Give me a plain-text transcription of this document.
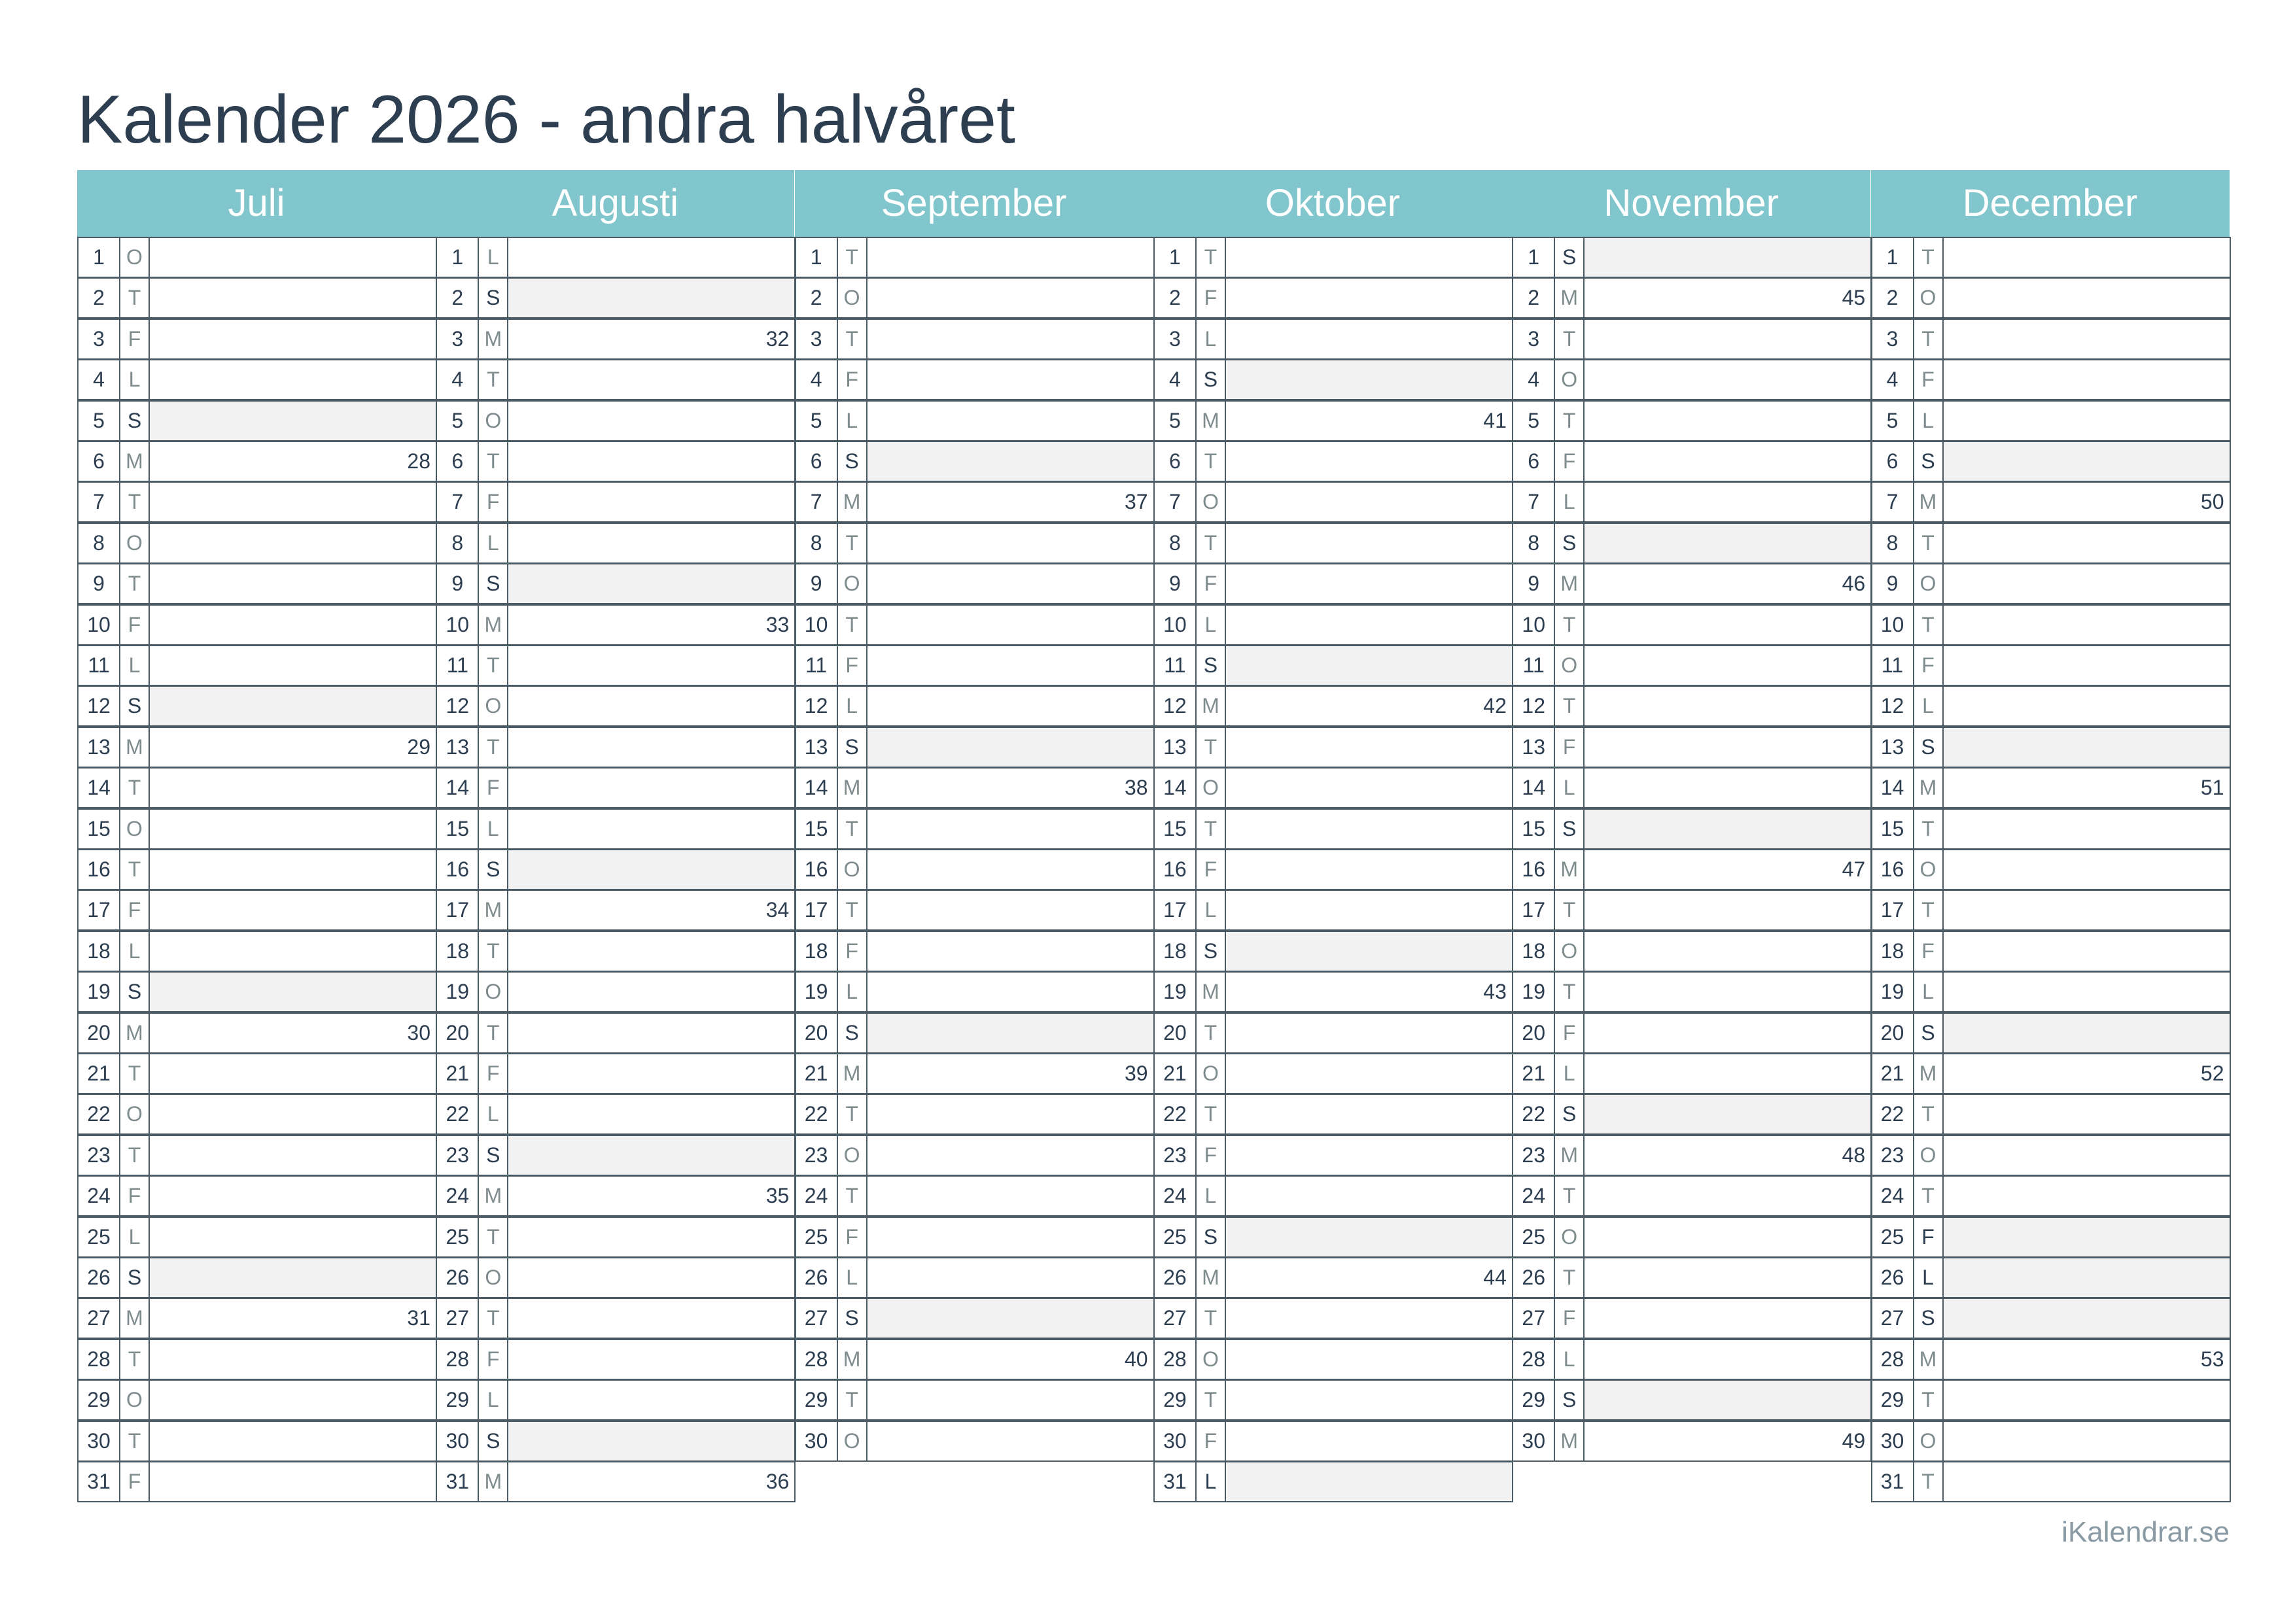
Kalender 2026 - andra halvåret
Juli
1	O
2	T
3	F
4	L
5	S
6	M	28
7	T
8	O
9	T
10 F
11 L
12 S
13 M	29
14 T
15 O
16 T
17 F
18 L
19 S
20 M	30
21 T
22 O
23 T
24 F
25 L
26 S
27 M	31
28 T
29 O
30 T
31 F
Augusti
1	L
2	S
3	M	32
4	T
5	O
6	T
7	F
8	L
9	S
10 M	33
11 T
12 O
13 T
14 F
15 L
16 S
17 M	34
18 T
19 O
20 T
21 F
22 L
23 S
24 M	35
25 T
26 O
27 T
28 F
29 L
30 S
31 M	36
September
1	T
2	O
3	T
4	F
5	L
6	S
7	M	37
8	T
9	O
10 T
11 F
12 L
13 S
14 M	38
15 T
16 O
17 T
18 F
19 L
20 S
21 M	39
22 T
23 O
24 T
25 F
26 L
27 S
28 M	40
29 T
30 O
Oktober
1	T
2	F
3	L
4	S
5	M	41
6	T
7	O
8	T
9	F
10 L
11 S
12 M	42
13 T
14 O
15 T
16 F
17 L
18 S
19 M	43
20 T
21 O
22 T
23 F
24 L
25 S
26 M	44
27 T
28 O
29 T
30 F
31 L
November
1	S
2	M	45
3	T
4	O
5	T
6	F
7	L
8	S
9	M	46
10 T
11 O
12 T
13 F
14 L
15 S
16 M	47
17 T
18 O
19 T
20 F
21 L
22 S
23 M	48
24 T
25 O
26 T
27 F
28 L
29 S
30 M	49
December
1	T
2	O
3	T
4	F
5	L
6	S
7	M	50
8	T
9	O
10 T
11 F
12 L
13 S
14 M	51
15 T
16 O
17 T
18 F
19 L
20 S
21 M	52
22 T
23 O
24 T
25 F
26 L
27 S
28 M	53
29 T
30 O
31 T
iKalendrar.se
